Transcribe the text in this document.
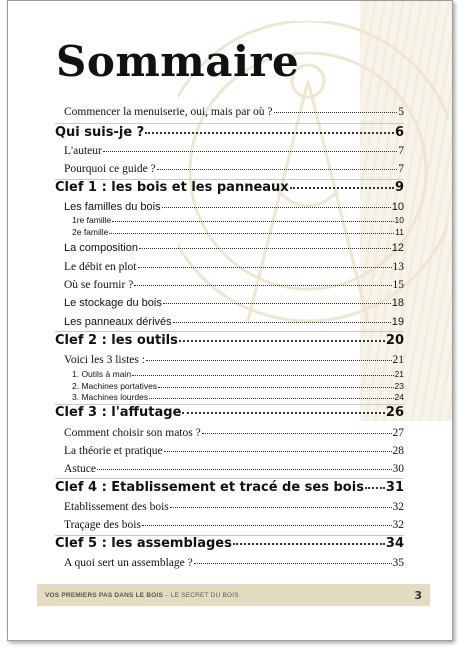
Sommaire
Commencer la menuiserie, oui, mais par où ?	5
Qui suis-je ?	6
L'auteur	7
Pourquoi ce guide ?	7
Clef 1 : les bois et les panneaux	9
Les familles du bois	10
1re famille	10
2e famille	11
La composition	12
Le débit en plot	13
Où se fournir ?	15
Le stockage du bois	18
Les panneaux dérivés	19
Clef 2 : les outils	20
Voici les 3 listes :	21
1. Outils à main	21
2. Machines portatives	23
3. Machines lourdes	24
Clef 3 : l'affutage	26
Comment choisir son matos ?	27
La théorie et pratique	28
Astuce	30
Clef 4 : Etablissement et tracé de ses bois 31
Etablissement des bois	32
Traçage des bois	32
Clef 5 : les assemblages	34
A quoi sert un assemblage ?	35
VOS PREMIERS PAS DANS LE BOIS – LE SECRET DU BOIS	3
